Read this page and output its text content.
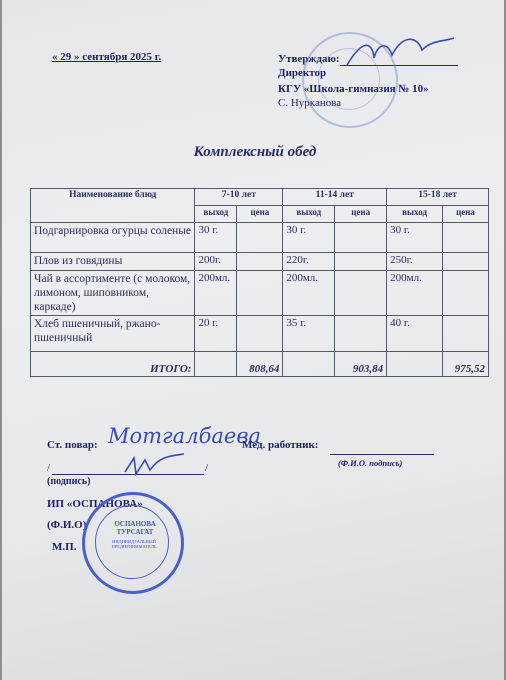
« 29 » сентября 2025 г.	Утверждаю:
Директор
КГУ «Школа-гимназия № 10»
С. Нурканова
Комплексный обед
Наименование блюд	7-10 лет		11-14 лет		15-18 лет	
	выход	цена	выход	цена	выход	цена
Подгарнировка огурцы соленые	30 г.		30 г.		30 г.	
Плов из говядины	200г.		220г.		250г.	
Чай в ассортименте (с молоком, лимоном, шиповником, каркаде)	200мл.		200мл.		200мл.	
Хлеб пшеничный, ржано-пшеничный	20 г.		35 г.		40 г.	
ИТОГО:		808,64		903,84		975,52
Ст. повар: Мотгалбаева
Мед. работник:
(Ф.И.О. подпись)
/	/
(подпись)
ИП «ОСПАНОВА»
(Ф.И.О)
М.П.
ОСПАНОВА ТУРСАГАТ
ИНДИВИДУАЛЬНЫЙ ПРЕДПРИНИМАТЕЛЬ
